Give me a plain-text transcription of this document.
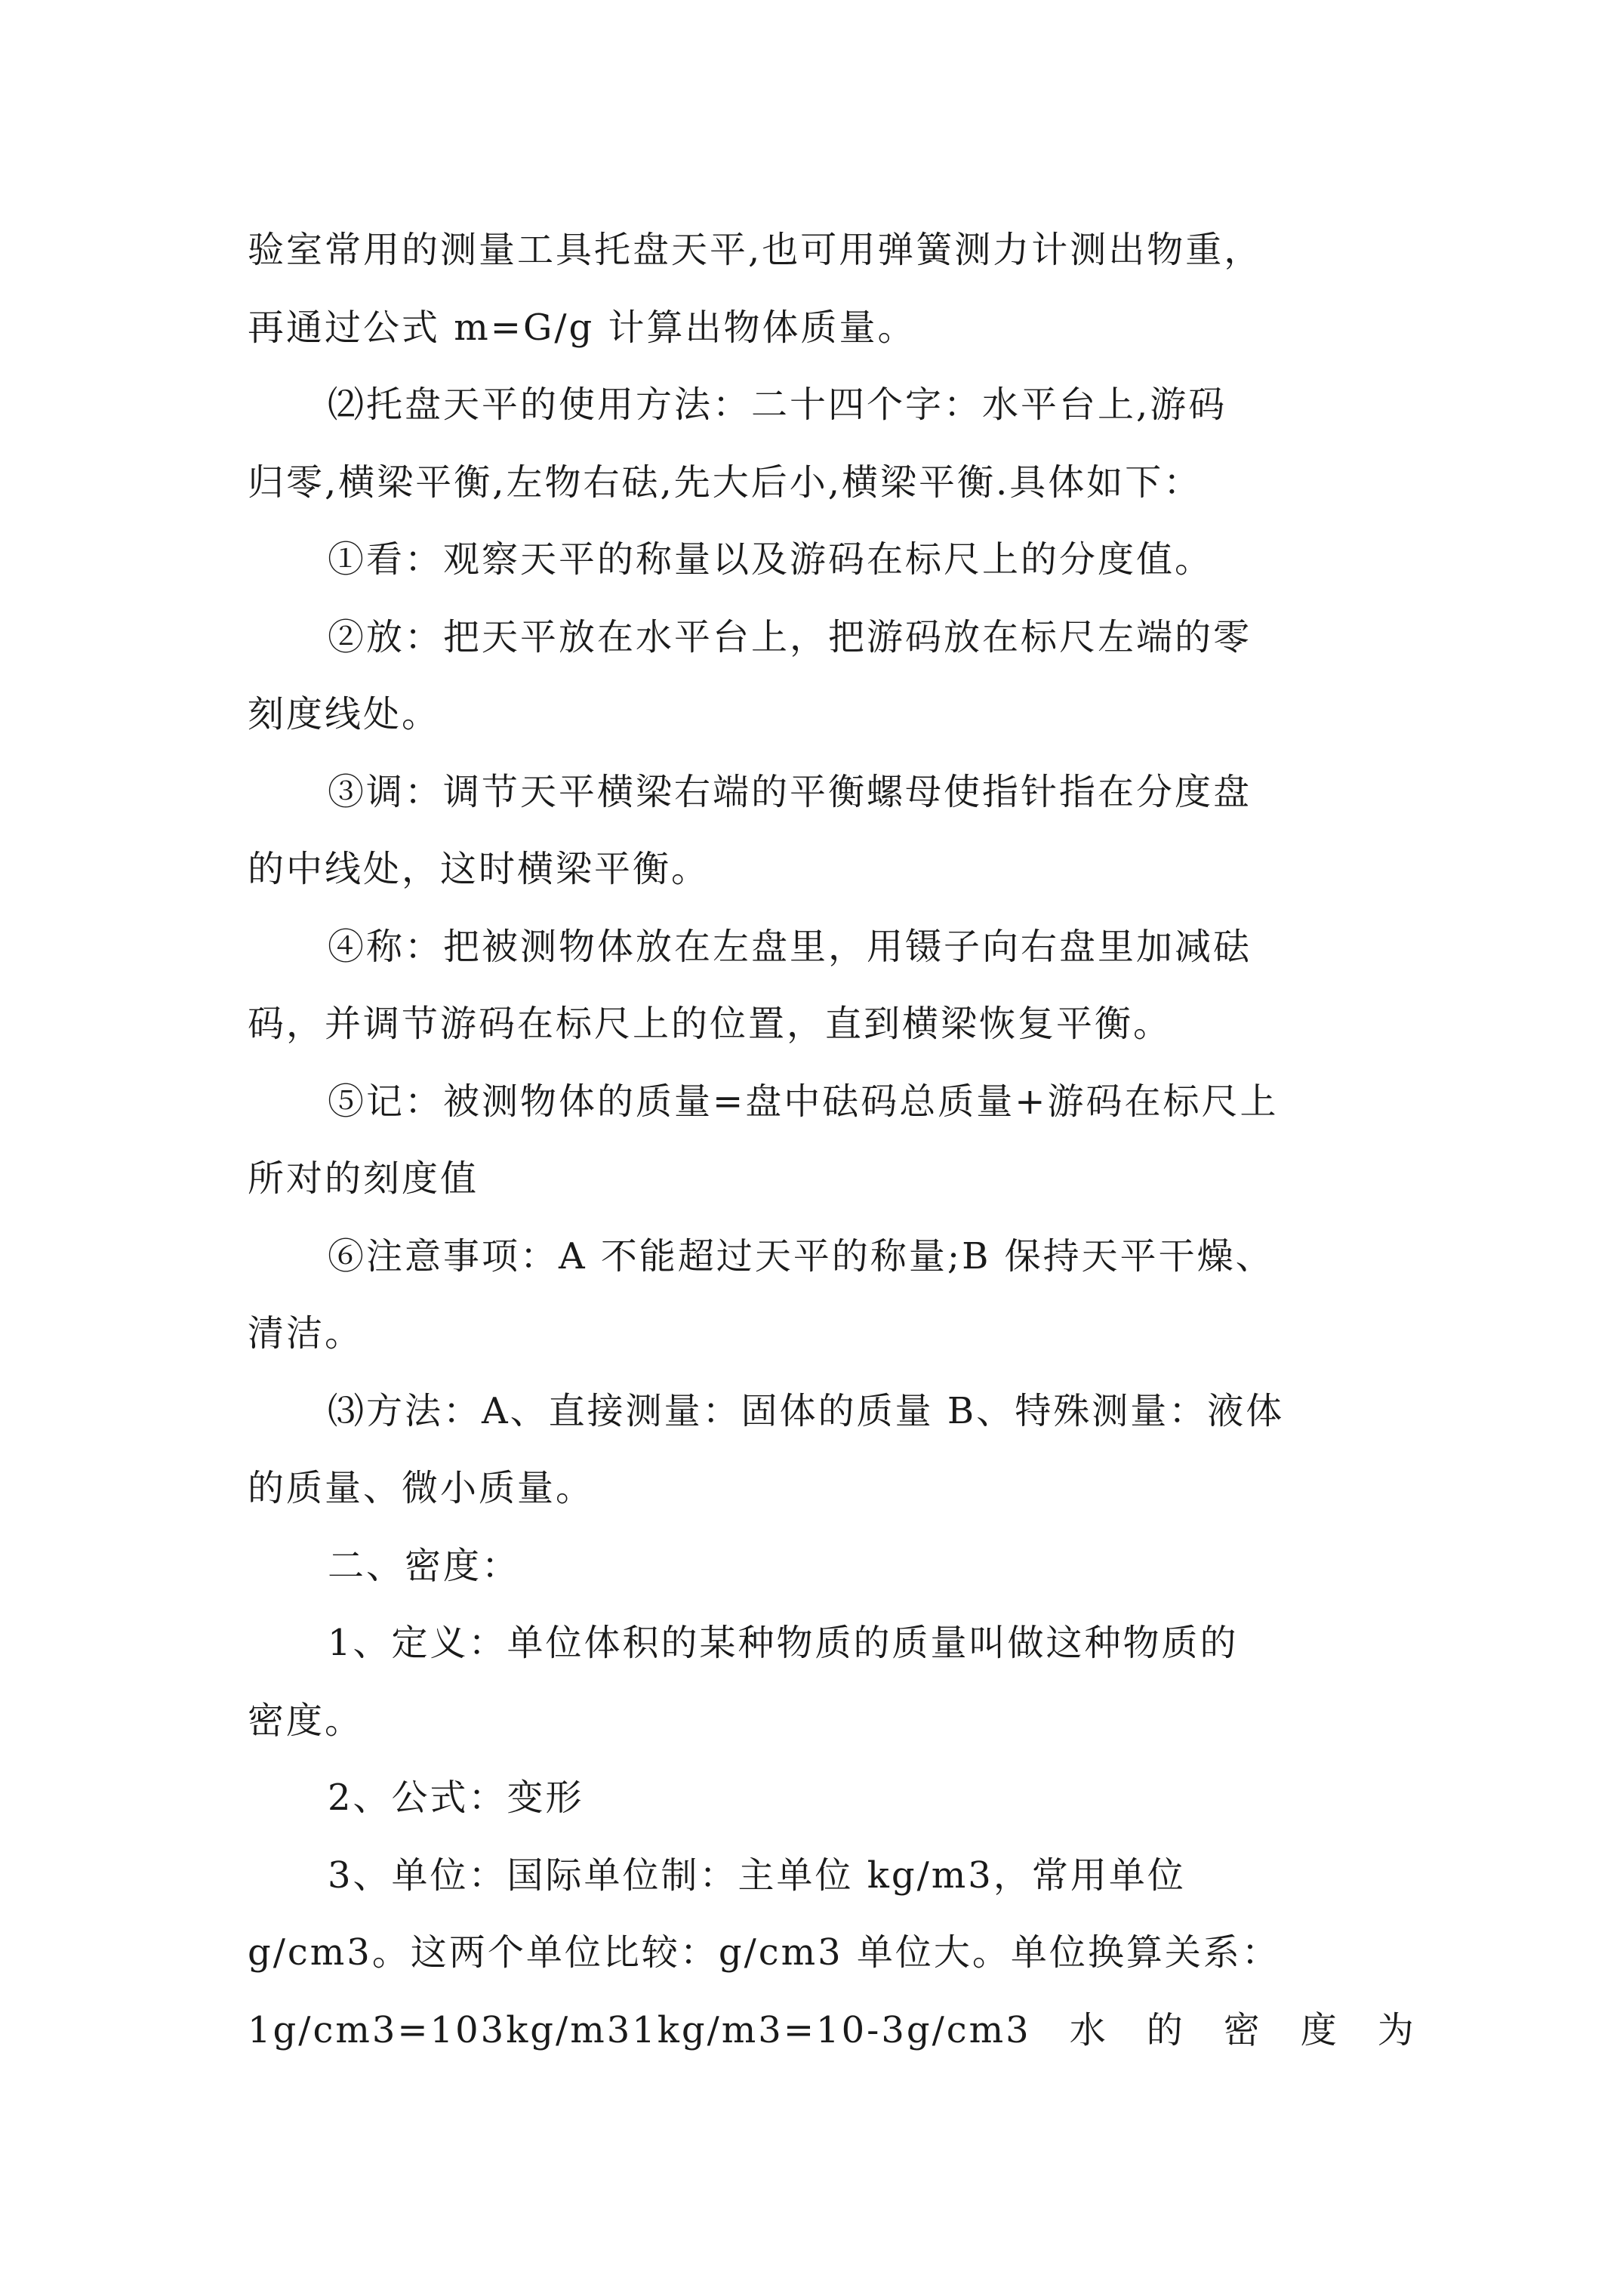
验室常用的测量工具托盘天平,也可用弹簧测力计测出物重，
再通过公式 m=G/g 计算出物体质量。
⑵托盘天平的使用方法：二十四个字：水平台上,游码
归零,横梁平衡,左物右砝,先大后小,横梁平衡.具体如下：
①看：观察天平的称量以及游码在标尺上的分度值。
②放：把天平放在水平台上，把游码放在标尺左端的零
刻度线处。
③调：调节天平横梁右端的平衡螺母使指针指在分度盘
的中线处，这时横梁平衡。
④称：把被测物体放在左盘里，用镊子向右盘里加减砝
码，并调节游码在标尺上的位置，直到横梁恢复平衡。
⑤记：被测物体的质量=盘中砝码总质量+游码在标尺上
所对的刻度值
⑥注意事项：A 不能超过天平的称量;B 保持天平干燥、
清洁。
⑶方法：A、直接测量：固体的质量 B、特殊测量：液体
的质量、微小质量。
二、密度：
1、定义：单位体积的某种物质的质量叫做这种物质的
密度。
2、公式：变形
3、单位：国际单位制：主单位 kg/m3，常用单位
g/cm3。这两个单位比较：g/cm3 单位大。单位换算关系：
1g/cm3=103kg/m31kg/m3=10-3g/cm3　水　的　密　度　为
